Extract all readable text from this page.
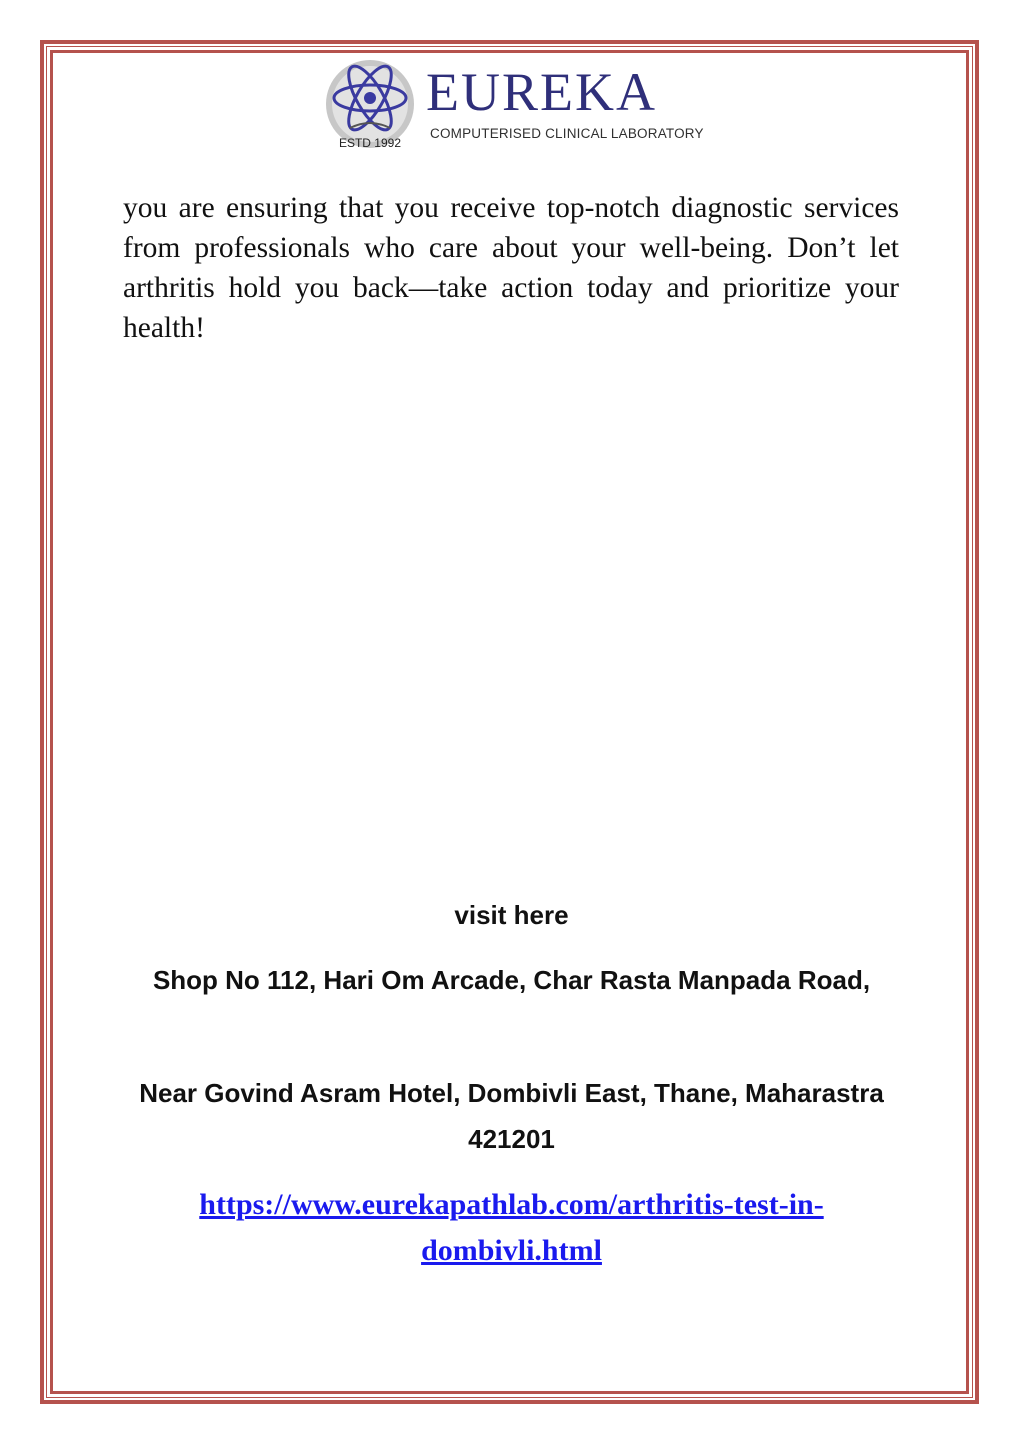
EUREKA
COMPUTERISED CLINICAL LABORATORY
ESTD 1992

you are ensuring that you receive top-notch diagnostic services from professionals who care about your well-being. Don’t let arthritis hold you back—take action today and prioritize your health!

visit here

Shop No 112, Hari Om Arcade, Char Rasta Manpada Road,

Near Govind Asram Hotel, Dombivli East, Thane, Maharastra 421201

https://www.eurekapathlab.com/arthritis-test-in-dombivli.html
